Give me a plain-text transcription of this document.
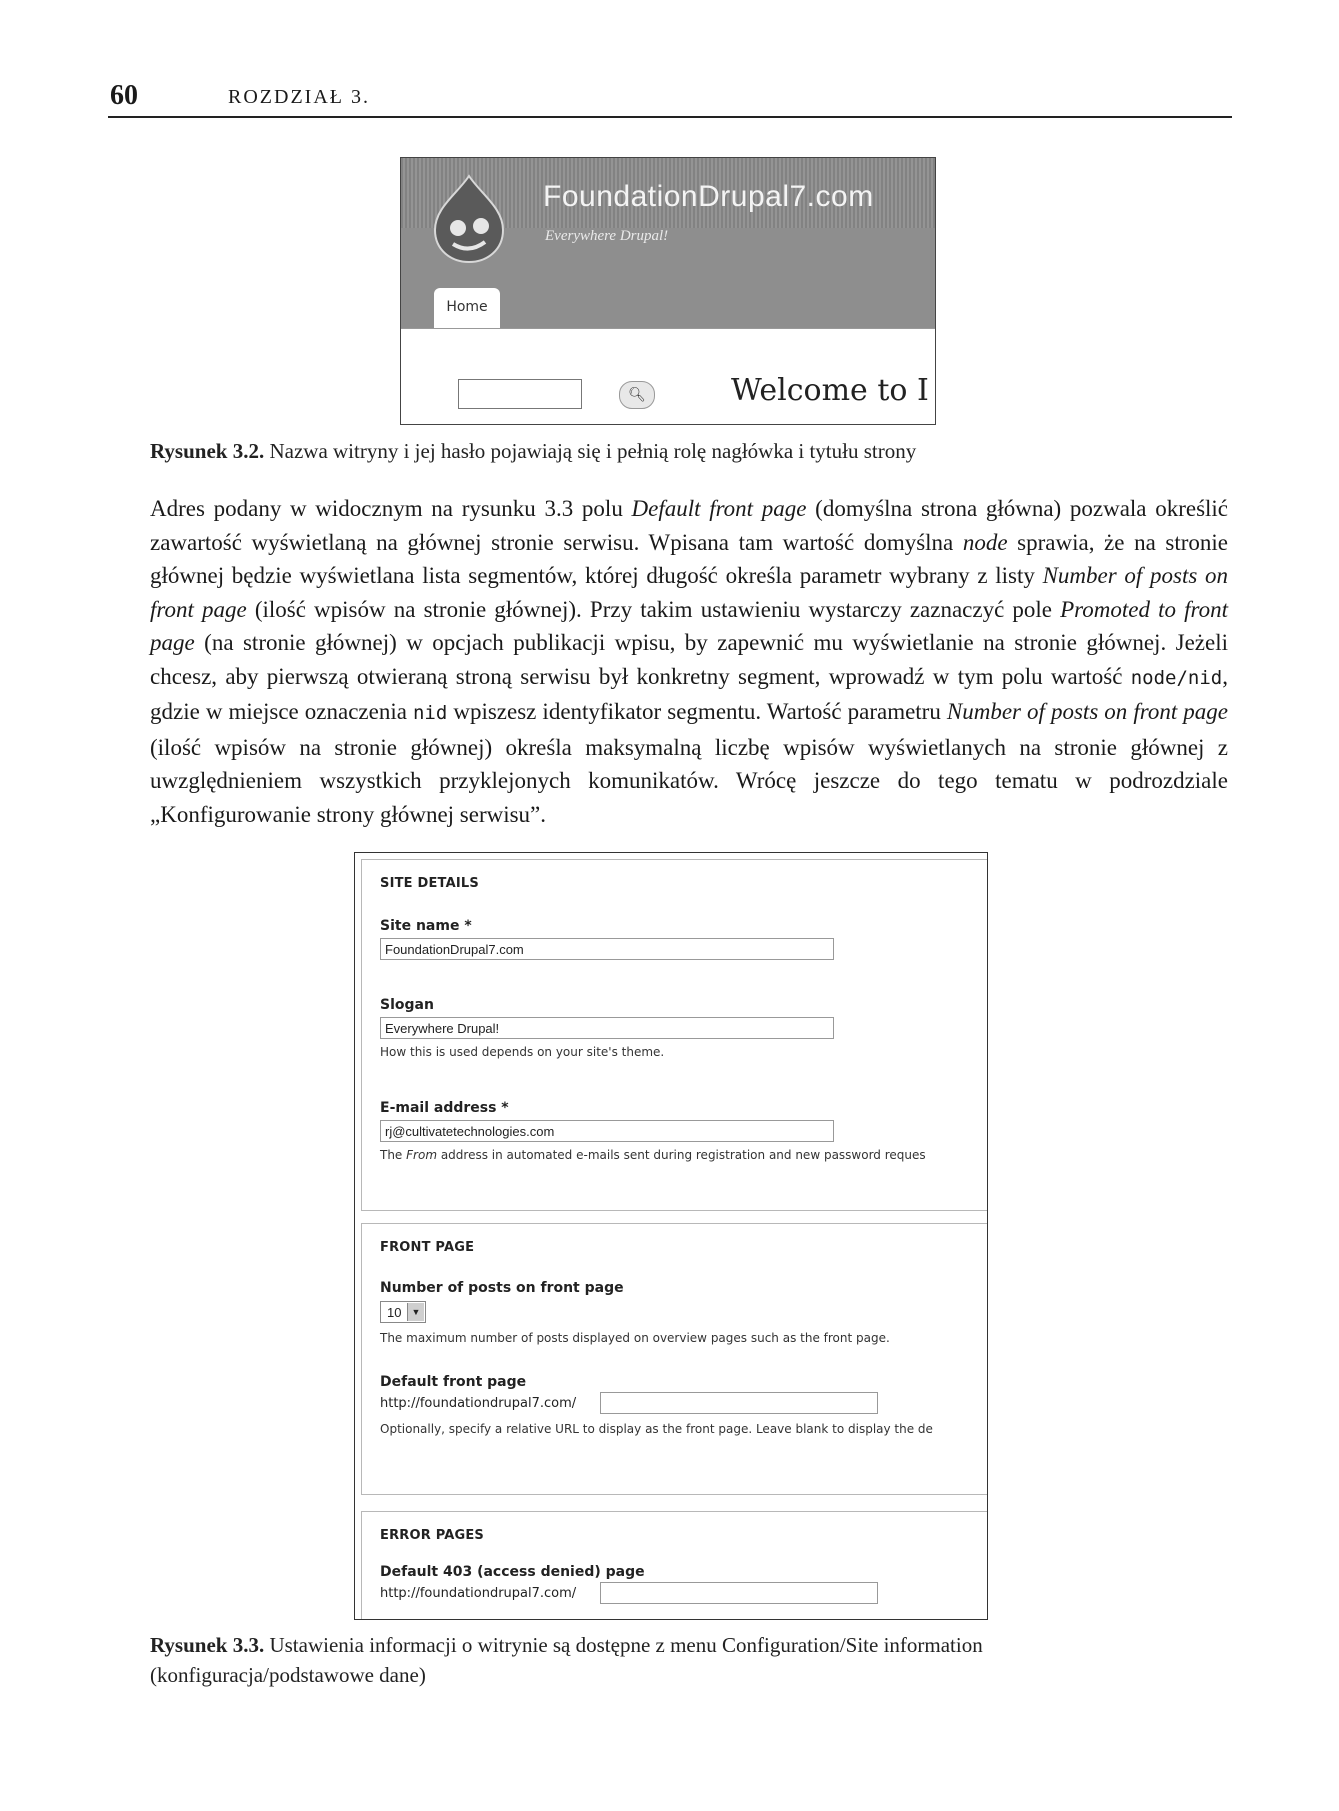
60	ROZDZIAŁ 3.
FoundationDrupal7.com
Everywhere Drupal!
Home
🔍︎	Welcome to I
Rysunek 3.2. Nazwa witryny i jej hasło pojawiają się i pełnią rolę nagłówka i tytułu strony
Adres podany w widocznym na rysunku 3.3 polu Default front page (domyślna strona główna) pozwala określić zawartość wyświetlaną na głównej stronie serwisu. Wpisana tam wartość domyślna node sprawia, że na stronie głównej będzie wyświetlana lista segmentów, której długość określa parametr wybrany z listy Number of posts on front page (ilość wpisów na stronie głównej). Przy takim ustawieniu wystarczy zaznaczyć pole Promoted to front page (na stronie głównej) w opcjach publikacji wpisu, by zapewnić mu wyświetlanie na stronie głównej. Jeżeli chcesz, aby pierwszą otwieraną stroną serwisu był konkretny segment, wprowadź w tym polu wartość node/nid, gdzie w miejsce oznaczenia nid wpiszesz identyfikator segmentu. Wartość parametru Number of posts on front page (ilość wpisów na stronie głównej) określa maksymalną liczbę wpisów wyświetlanych na stronie głównej z uwzględnieniem wszystkich przyklejonych komunikatów. Wrócę jeszcze do tego tematu w podrozdziale „Konfigurowanie strony głównej serwisu”.
SITE DETAILS
Site name *
FoundationDrupal7.com
Slogan
Everywhere Drupal!
How this is used depends on your site's theme.
E-mail address *
rj@cultivatetechnologies.com
The From address in automated e-mails sent during registration and new password reques
FRONT PAGE
Number of posts on front page
10	▼
The maximum number of posts displayed on overview pages such as the front page.
Default front page
http://foundationdrupal7.com/
Optionally, specify a relative URL to display as the front page. Leave blank to display the de
ERROR PAGES
Default 403 (access denied) page
http://foundationdrupal7.com/
Rysunek 3.3. Ustawienia informacji o witrynie są dostępne z menu Configuration/Site information (konfiguracja/podstawowe dane)
